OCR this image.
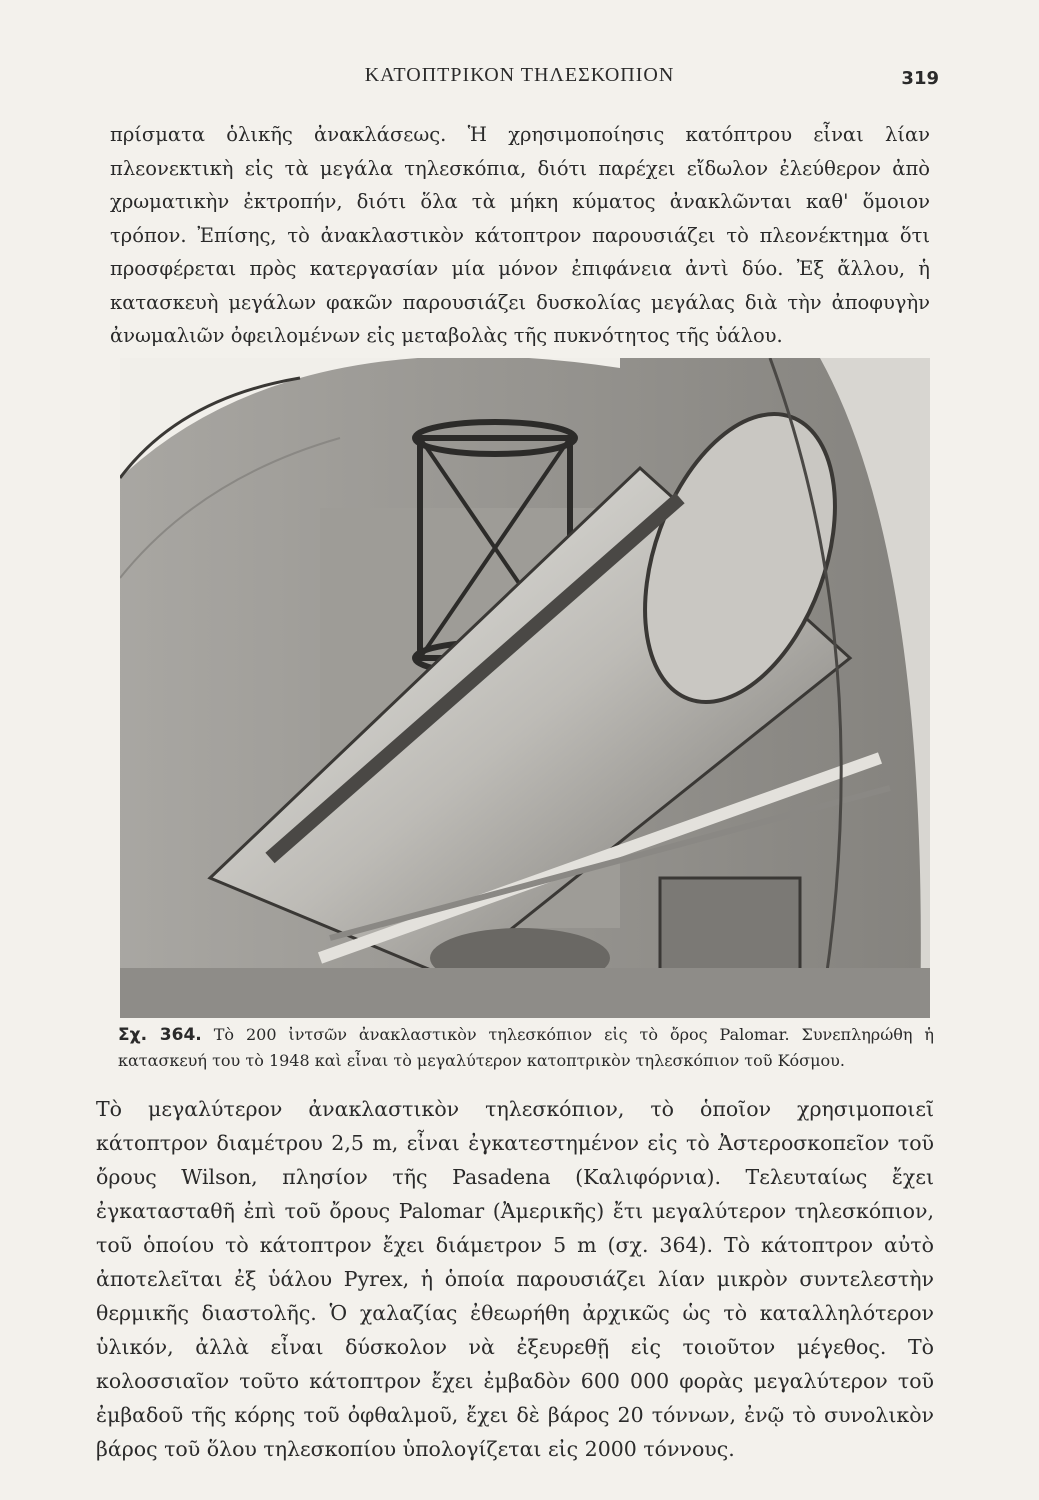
ΚΑΤΟΠΤΡΙΚΟΝ ΤΗΛΕΣΚΟΠΙΟΝ	319

πρίσματα ὁλικῆς ἀνακλάσεως. Ἡ χρησιμοποίησις κατόπτρου εἶναι λίαν πλεονεκτικὴ εἰς τὰ μεγάλα τηλεσκόπια, διότι παρέχει εἴδωλον ἐλεύθερον ἀπὸ χρωματικὴν ἐκτροπήν, διότι ὅλα τὰ μήκη κύματος ἀνακλῶνται καθ' ὅμοιον τρόπον. Ἐπίσης, τὸ ἀνακλαστικὸν κάτοπτρον παρουσιάζει τὸ πλεονέκτημα ὅτι προσφέρεται πρὸς κατεργασίαν μία μόνον ἐπιφάνεια ἀντὶ δύο. Ἐξ ἄλλου, ἡ κατασκευὴ μεγάλων φακῶν παρουσιάζει δυσκολίας μεγάλας διὰ τὴν ἀποφυγὴν ἀνωμαλιῶν ὀφειλομένων εἰς μεταβολὰς τῆς πυκνότητος τῆς ὑάλου.

Σχ. 364. Τὸ 200 ἰντσῶν ἀνακλαστικὸν τηλεσκόπιον εἰς τὸ ὄρος Palomar. Συνεπληρώθη ἡ κατασκευή του τὸ 1948 καὶ εἶναι τὸ μεγαλύτερον κατοπτρικὸν τηλεσκόπιον τοῦ Κόσμου.

Τὸ μεγαλύτερον ἀνακλαστικὸν τηλεσκόπιον, τὸ ὁποῖον χρησιμοποιεῖ κάτοπτρον διαμέτρου 2,5 m, εἶναι ἐγκατεστημένον εἰς τὸ Ἀστεροσκοπεῖον τοῦ ὄρους Wilson, πλησίον τῆς Pasadena (Καλιφόρνια). Τελευταίως ἔχει ἐγκατασταθῆ ἐπὶ τοῦ ὄρους Palomar (Ἀμερικῆς) ἔτι μεγαλύτερον τηλεσκόπιον, τοῦ ὁποίου τὸ κάτοπτρον ἔχει διάμετρον 5 m (σχ. 364). Τὸ κάτοπτρον αὐτὸ ἀποτελεῖται ἐξ ὑάλου Pyrex, ἡ ὁποία παρουσιάζει λίαν μικρὸν συντελεστὴν θερμικῆς διαστολῆς. Ὁ χαλαζίας ἐθεωρήθη ἀρχικῶς ὡς τὸ καταλληλότερον ὑλικόν, ἀλλὰ εἶναι δύσκολον νὰ ἐξευρεθῇ εἰς τοιοῦτον μέγεθος. Τὸ κολοσσιαῖον τοῦτο κάτοπτρον ἔχει ἐμβαδὸν 600 000 φορὰς μεγαλύτερον τοῦ ἐμβαδοῦ τῆς κόρης τοῦ ὀφθαλμοῦ, ἔχει δὲ βάρος 20 τόννων, ἐνῷ τὸ συνολικὸν βάρος τοῦ ὅλου τηλεσκοπίου ὑπολογίζεται εἰς 2000 τόννους.
